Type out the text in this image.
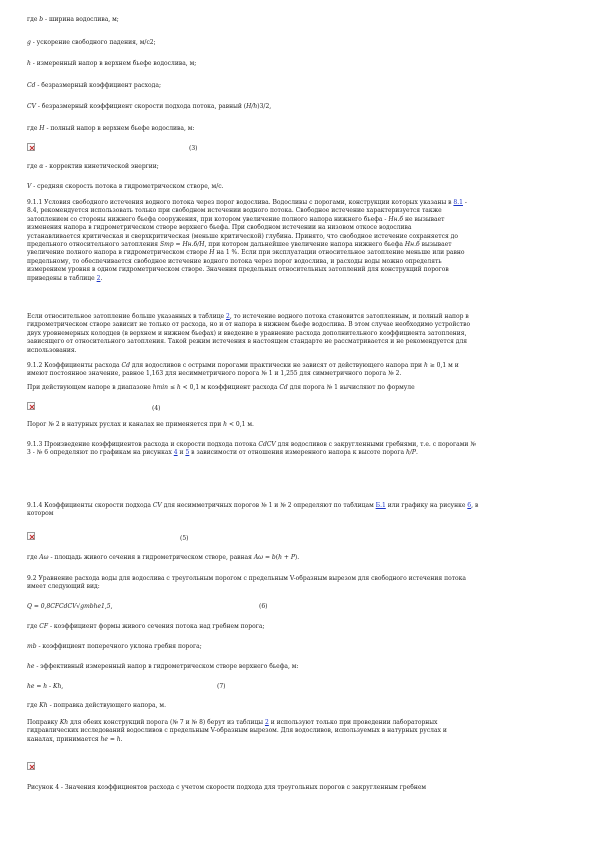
где b - ширина водослива, м;

g - ускорение свободного падения, м/с2;

h - измеренный напор в верхнем бьефе водослива, м;

Cd - безразмерный коэффициент расхода;

CV - безразмерный коэффициент скорости подхода потока, равный (H/h)3/2,

где H - полный напор в верхнем бьефе водослива, м:

(3)

где α - корректив кинетической энергии;

V - средняя скорость потока в гидрометрическом створе, м/с.

9.1.1 Условия свободного истечения водного потока через порог водослива. Водосливы с порогами, конструкции которых указаны в 8.1 -
8.4, рекомендуется использовать только при свободном истечении водного потока. Свободное истечение характеризуется также
затоплением со стороны нижнего бьефа сооружения, при котором увеличение полного напора нижнего бьефа - Hн.б не вызывает
изменения напора в гидрометрическом створе верхнего бьефа. При свободном истечении на низовом откосе водослива
устанавливается критическая и сверхкритическая (меньше критической) глубина. Принято, что свободное истечение сохраняется до
предельного относительного затопления Smp = Hн.б/H, при котором дальнейшее увеличение напора нижнего бьефа Hн.б вызывает
увеличение полного напора в гидрометрическом створе H на 1 %. Если при эксплуатации относительное затопление меньше или равно
предельному, то обеспечивается свободное истечение водного потока через порог водослива, и расходы воды можно определять
измерением уровня в одном гидрометрическом створе. Значения предельных относительных затоплений для конструкций порогов
приведены в таблице 2.

Если относительное затопление больше указанных в таблице 2, то истечение водного потока становится затопленным, и полный напор в
гидрометрическом створе зависит не только от расхода, но и от напора в нижнем бьефе водослива. В этом случае необходимо устройство
двух уровнемерных колодцев (в верхнем и нижнем бьефах) и введение в уравнение расхода дополнительного коэффициента затопления,
зависящего от относительного затопления. Такой режим истечения в настоящем стандарте не рассматривается и не рекомендуется для
использования.

9.1.2 Коэффициенты расхода Cd для водосливов с острыми порогами практически не зависят от действующего напора при h ≥ 0,1 м и
имеют постоянное значение, равное 1,163 для несимметричного порога № 1 и 1,255 для симметричного порога № 2.

При действующем напоре в диапазоне hmin ≤ h < 0,1 м коэффициент расхода Cd для порога № 1 вычисляют по формуле

(4)

Порог № 2 в натурных руслах и каналах не применяется при h < 0,1 м.

9.1.3 Произведение коэффициентов расхода и скорости подхода потока CdCV для водосливов с закругленными гребнями, т.е. с порогами №
3 - № 6 определяют по графикам на рисунках 4 и 5 в зависимости от отношения измеренного напора к высоте порога h/P.

9.1.4 Коэффициенты скорости подхода CV для несимметричных порогов № 1 и № 2 определяют по таблицам Б.1 или графику на рисунке 6, в
котором

(5)

где Aω - площадь живого сечения в гидрометрическом створе, равная Aω = b(h + P).

9.2 Уравнение расхода воды для водослива с треугольным порогом с предельным V-образным вырезом для свободного истечения потока
имеет следующий вид:

Q = 0,8CFCdCV√gmbhe1,5,	(6)

где CF - коэффициент формы живого сечения потока над гребнем порога;

mb - коэффициент поперечного уклона гребня порога;

he - эффективный измеренный напор в гидрометрическом створе верхнего бьефа, м:

he = h - Kh,	(7)

где Kh - поправка действующего напора, м.

Поправку Kh для обеих конструкций порога (№ 7 и № 8) берут из таблицы 2 и используют только при проведении лабораторных
гидравлических исследований водосливов с предельным V-образным вырезом. Для водосливов, используемых в натурных руслах и
каналах, принимается he = h.

Рисунок 4 - Значения коэффициентов расхода с учетом скорости подхода для треугольных порогов с закругленным гребнем
